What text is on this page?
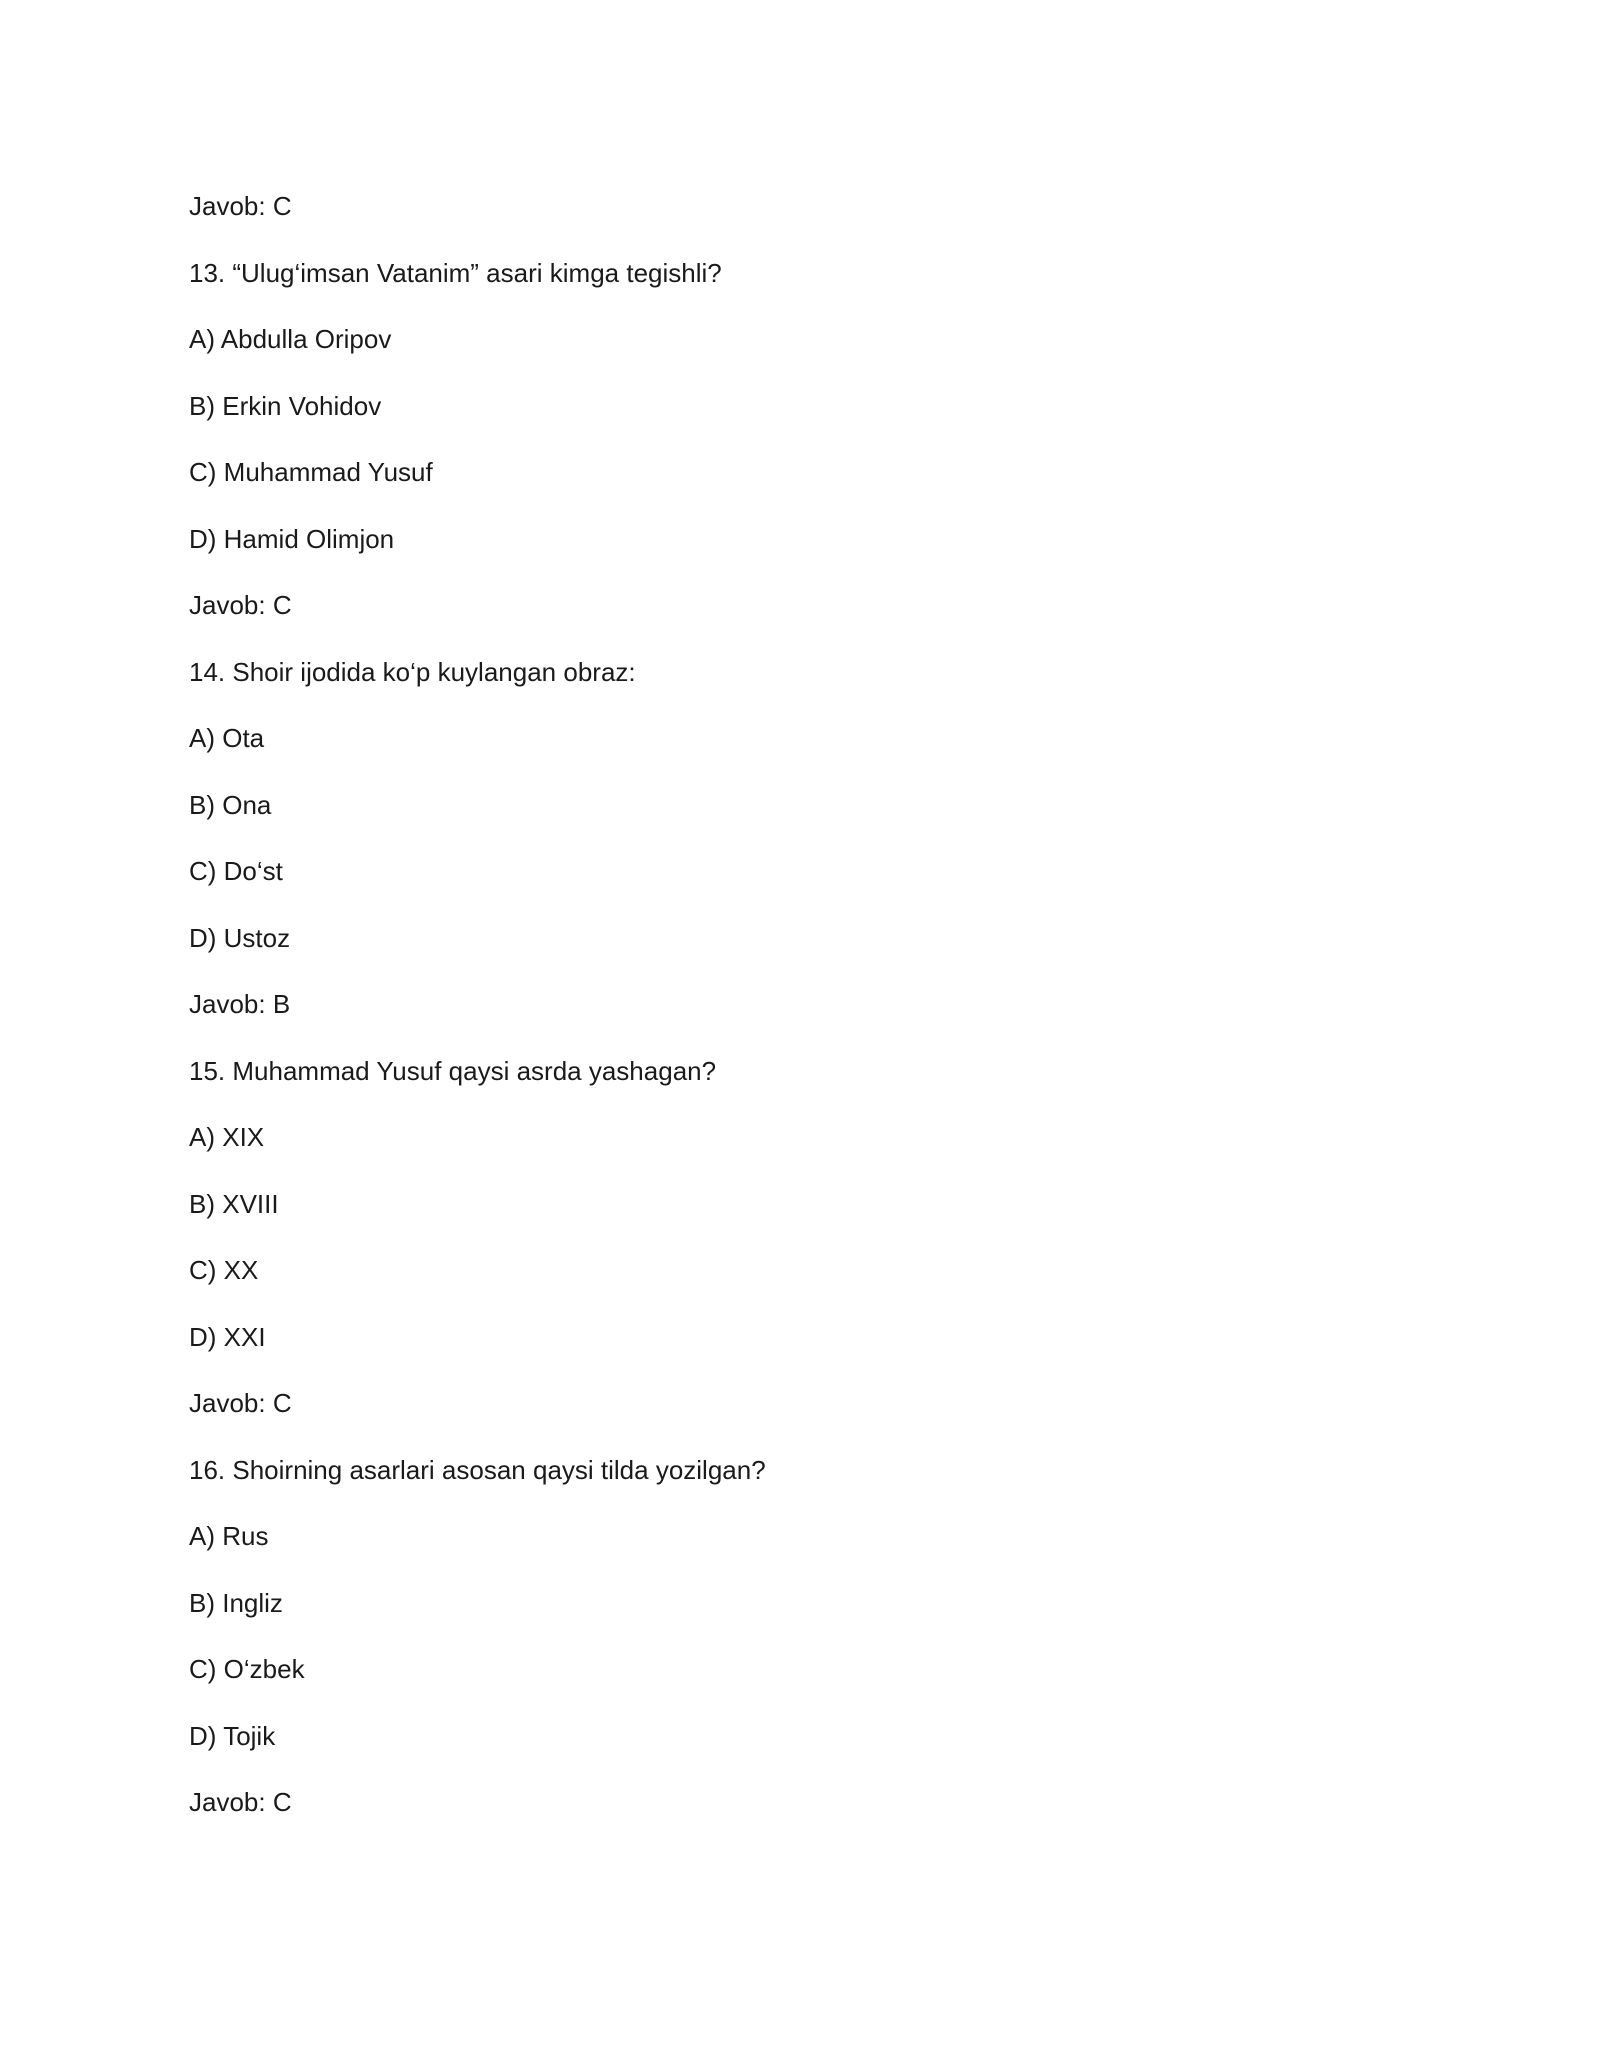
Javob: C
13. “Ulug‘imsan Vatanim” asari kimga tegishli?
A) Abdulla Oripov
B) Erkin Vohidov
C) Muhammad Yusuf
D) Hamid Olimjon
Javob: C
14. Shoir ijodida ko‘p kuylangan obraz:
A) Ota
B) Ona
C) Do‘st
D) Ustoz
Javob: B
15. Muhammad Yusuf qaysi asrda yashagan?
A) XIX
B) XVIII
C) XX
D) XXI
Javob: C
16. Shoirning asarlari asosan qaysi tilda yozilgan?
A) Rus
B) Ingliz
C) O‘zbek
D) Tojik
Javob: C
